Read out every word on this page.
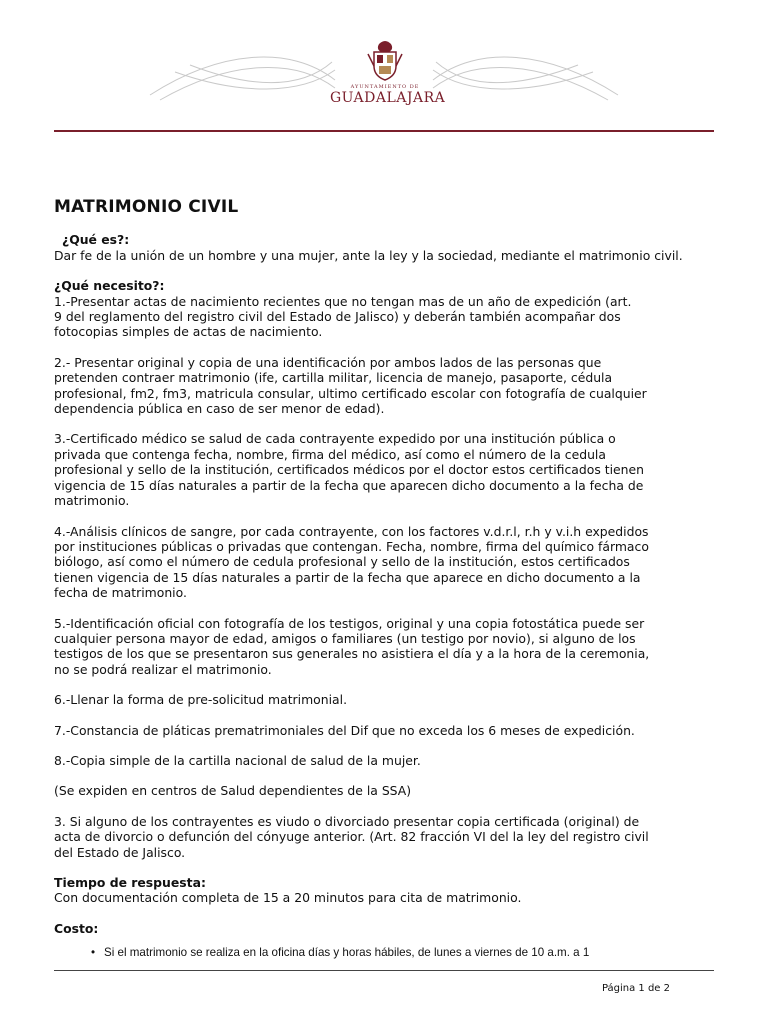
AYUNTAMIENTO DE
GUADALAJARA
MATRIMONIO CIVIL
¿Qué es?:
Dar fe de la unión de un hombre y una mujer, ante la ley y la sociedad, mediante el matrimonio civil.
¿Qué necesito?:
1.-Presentar actas de nacimiento recientes que no tengan mas de un año de expedición (art.
9 del reglamento del registro civil del Estado de Jalisco) y deberán también acompañar dos
fotocopias simples de actas de nacimiento.
2.- Presentar original y copia de una identificación por ambos lados de las personas que
pretenden contraer matrimonio (ife, cartilla militar, licencia de manejo, pasaporte, cédula
profesional, fm2, fm3, matricula consular, ultimo certificado escolar con fotografía de cualquier
dependencia pública en caso de ser menor de edad).
3.-Certificado médico se salud de cada contrayente expedido por una institución pública o
privada que contenga fecha, nombre, firma del médico, así como el número de la cedula
profesional y sello de la institución, certificados médicos por el doctor estos certificados tienen
vigencia de 15 días naturales a partir de la fecha que aparecen dicho documento a la fecha de
matrimonio.
4.-Análisis clínicos de sangre, por cada contrayente, con los factores v.d.r.l, r.h y v.i.h expedidos
por instituciones públicas o privadas que contengan. Fecha, nombre, firma del químico fármaco
biólogo, así como el número de cedula profesional y sello de la institución, estos certificados
tienen vigencia de 15 días naturales a partir de la fecha que aparece en dicho documento a la
fecha de matrimonio.
5.-Identificación oficial con fotografía de los testigos, original y una copia fotostática puede ser
cualquier persona mayor de edad, amigos o familiares (un testigo por novio), si alguno de los
testigos de los que se presentaron sus generales no asistiera el día y a la hora de la ceremonia,
no se podrá realizar el matrimonio.
6.-Llenar la forma de pre-solicitud matrimonial.
7.-Constancia de pláticas prematrimoniales del Dif que no exceda los 6 meses de expedición.
8.-Copia simple de la cartilla nacional de salud de la mujer.
(Se expiden en centros de Salud dependientes de la SSA)
3. Si alguno de los contrayentes es viudo o divorciado presentar copia certificada (original) de
acta de divorcio o defunción del cónyuge anterior. (Art. 82 fracción VI del la ley del registro civil
del Estado de Jalisco.
Tiempo de respuesta:
Con documentación completa de 15 a 20 minutos para cita de matrimonio.
Costo:
• Si el matrimonio se realiza en la oficina días y horas hábiles, de lunes a viernes de 10 a.m. a 1
Página 1 de 2
